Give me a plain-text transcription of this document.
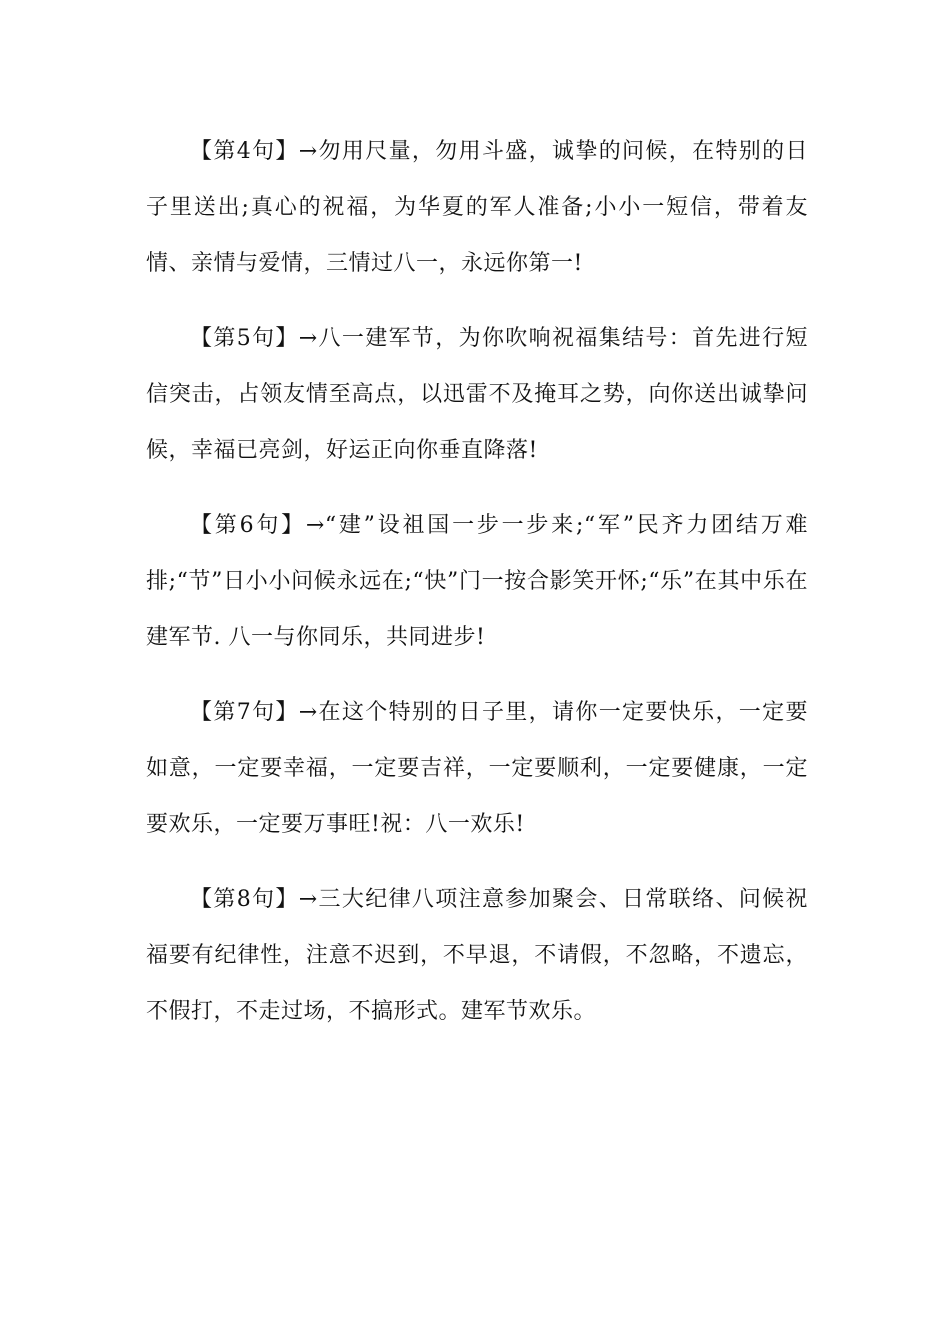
【第4句】→勿用尺量，勿用斗盛，诚挚的问候，在特别的日子里送出;真心的祝福，为华夏的军人准备;小小一短信，带着友情、亲情与爱情，三情过八一，永远你第一!

【第5句】→八一建军节，为你吹响祝福集结号：首先进行短信突击，占领友情至高点，以迅雷不及掩耳之势，向你送出诚挚问候，幸福已亮剑，好运正向你垂直降落!

【第6句】→“建”设祖国一步一步来;“军”民齐力团结万难排;“节”日小小问候永远在;“快”门一按合影笑开怀;“乐”在其中乐在建军节. 八一与你同乐，共同进步!

【第7句】→在这个特别的日子里，请你一定要快乐，一定要如意，一定要幸福，一定要吉祥，一定要顺利，一定要健康，一定要欢乐，一定要万事旺!祝：八一欢乐!

【第8句】→三大纪律八项注意参加聚会、日常联络、问候祝福要有纪律性，注意不迟到，不早退，不请假，不忽略，不遗忘，不假打，不走过场，不搞形式。建军节欢乐。
